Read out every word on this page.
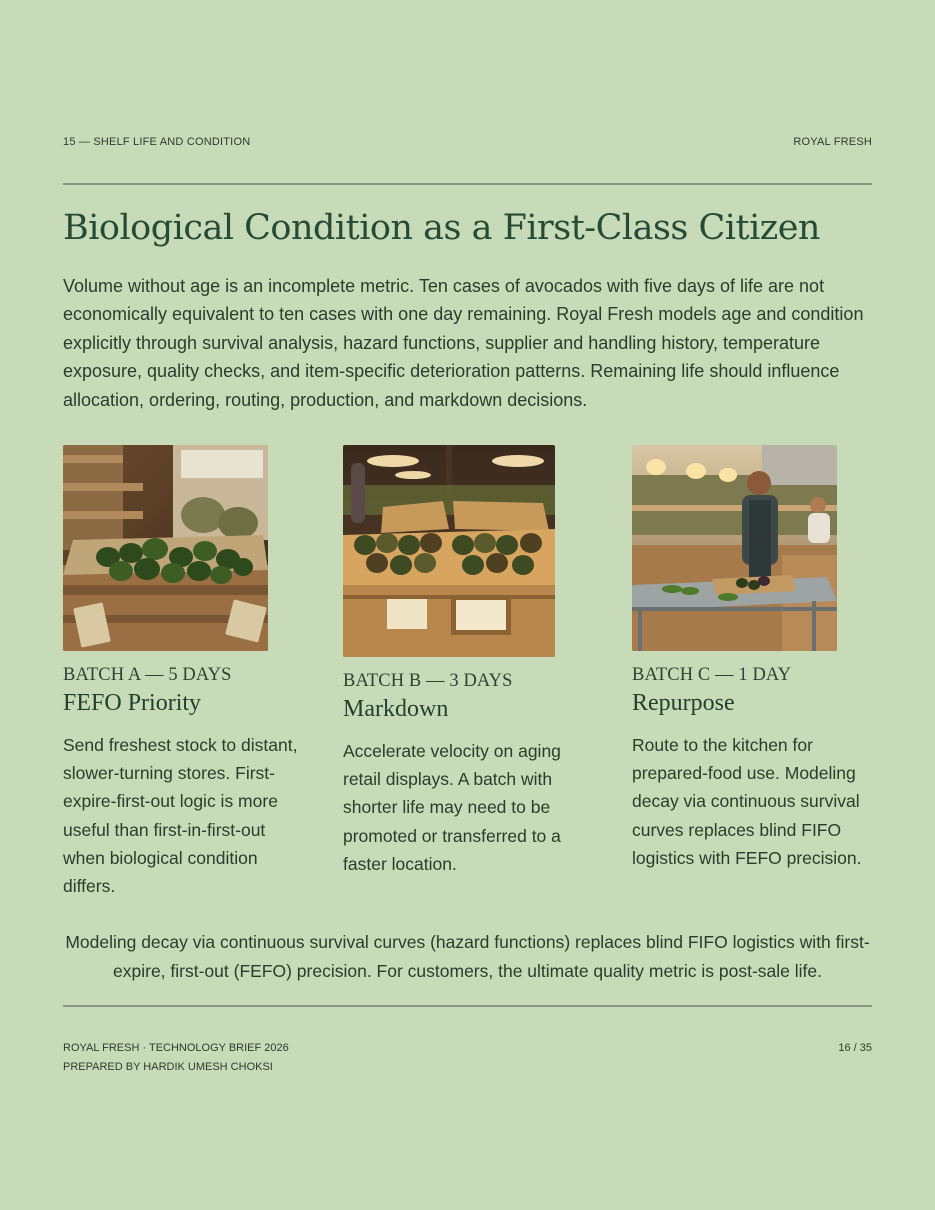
15 — SHELF LIFE AND CONDITION	ROYAL FRESH
Biological Condition as a First-Class Citizen

Volume without age is an incomplete metric. Ten cases of avocados with five days of life are not economically equivalent to ten cases with one day remaining. Royal Fresh models age and condition explicitly through survival analysis, hazard functions, supplier and handling history, temperature exposure, quality checks, and item-specific deterioration patterns. Remaining life should influence allocation, ordering, routing, production, and markdown decisions.

BATCH A — 5 DAYS

FEFO Priority

Send freshest stock to distant, slower-turning stores. First-expire-first-out logic is more useful than first-in-first-out when biological condition differs.

BATCH B — 3 DAYS

Markdown

Accelerate velocity on aging retail displays. A batch with shorter life may need to be promoted or transferred to a faster location.

BATCH C — 1 DAY

Repurpose

Route to the kitchen for prepared-food use. Modeling decay via continuous survival curves replaces blind FIFO logistics with FEFO precision.

Modeling decay via continuous survival curves (hazard functions) replaces blind FIFO logistics with first-expire, first-out (FEFO) precision. For customers, the ultimate quality metric is post-sale life.

ROYAL FRESH · TECHNOLOGY BRIEF 2026
PREPARED BY HARDIK UMESH CHOKSI
16 / 35
